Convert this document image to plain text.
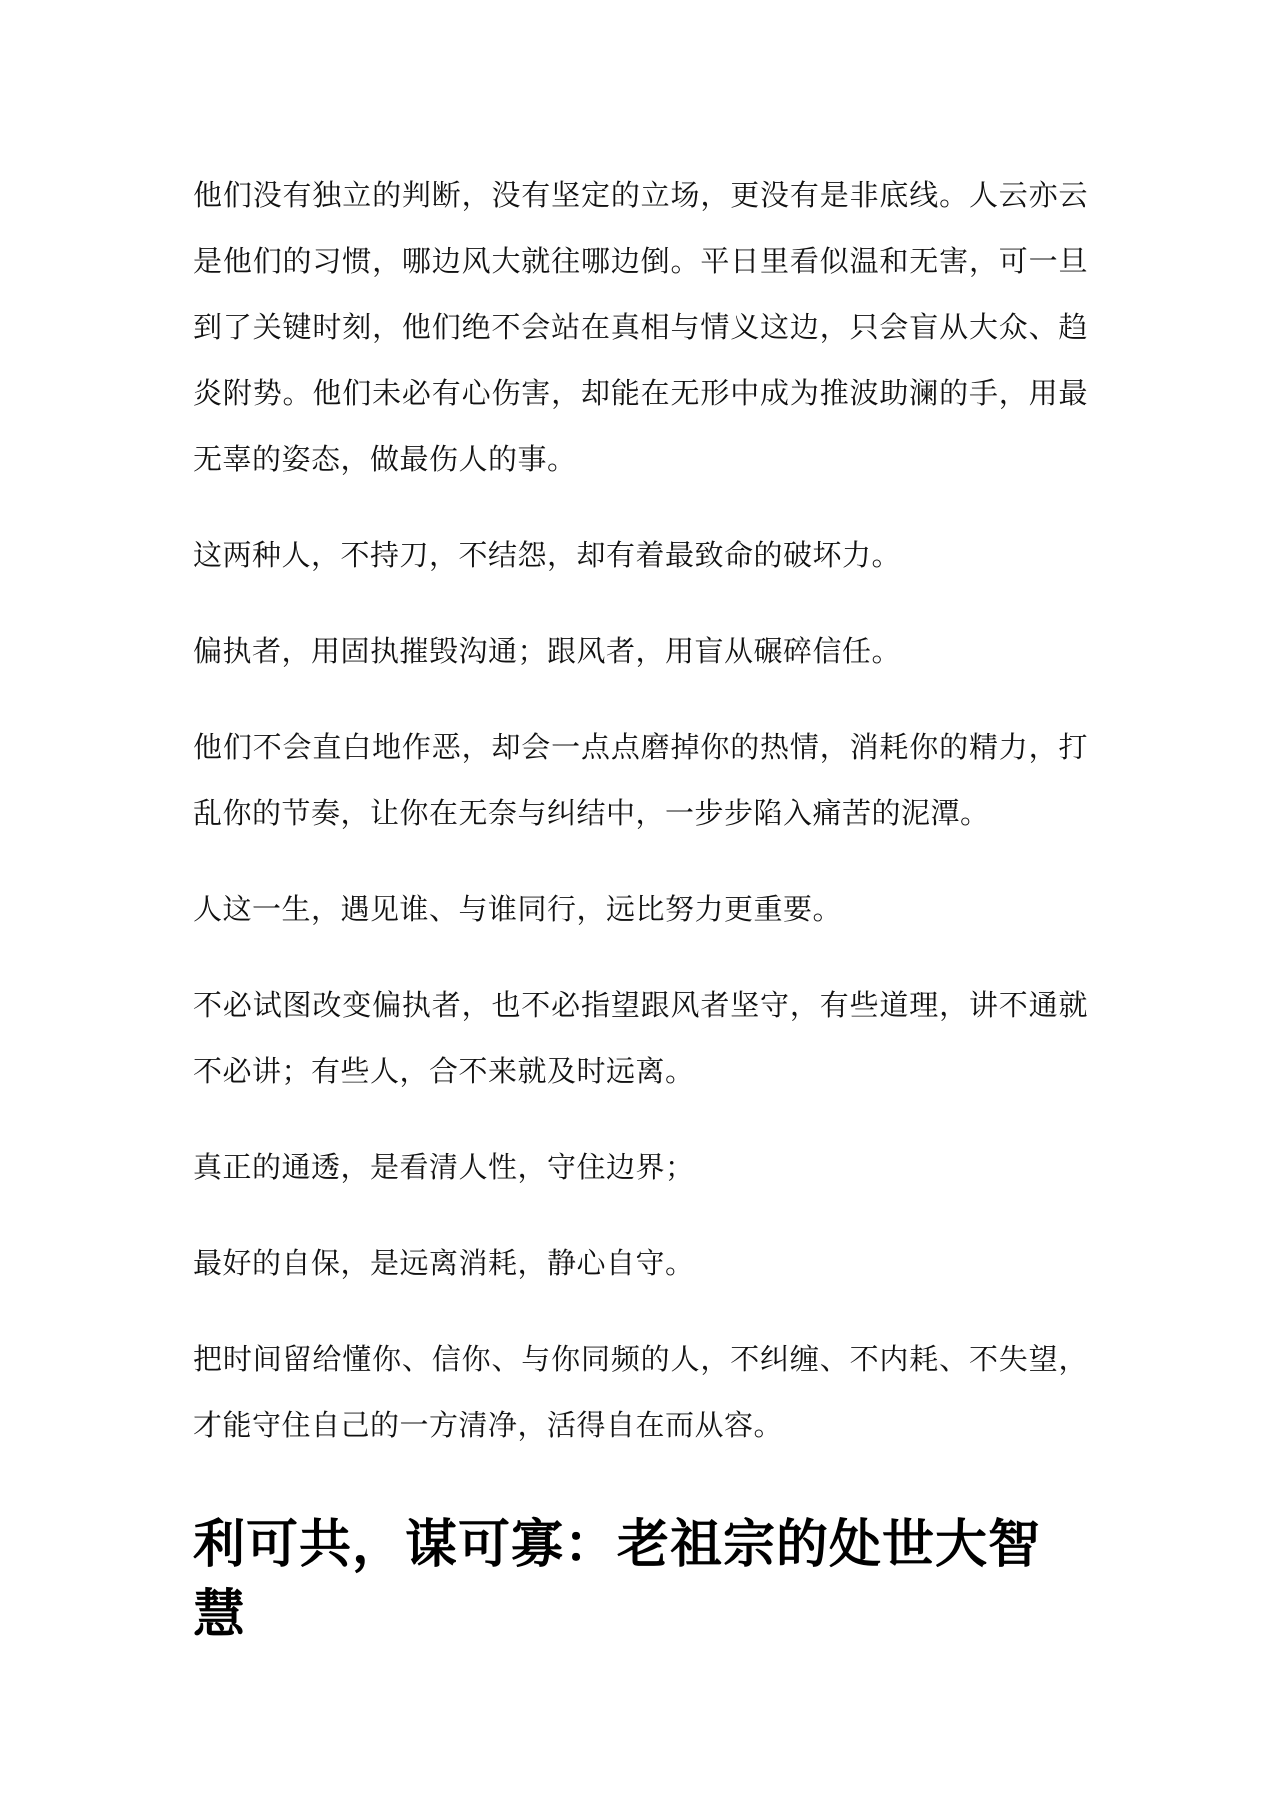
他们没有独立的判断，没有坚定的立场，更没有是非底线。人云亦云是他们的习惯，哪边风大就往哪边倒。平日里看似温和无害，可一旦到了关键时刻，他们绝不会站在真相与情义这边，只会盲从大众、趋炎附势。他们未必有心伤害，却能在无形中成为推波助澜的手，用最无辜的姿态，做最伤人的事。

这两种人，不持刀，不结怨，却有着最致命的破坏力。

偏执者，用固执摧毁沟通；跟风者，用盲从碾碎信任。

他们不会直白地作恶，却会一点点磨掉你的热情，消耗你的精力，打乱你的节奏，让你在无奈与纠结中，一步步陷入痛苦的泥潭。

人这一生，遇见谁、与谁同行，远比努力更重要。

不必试图改变偏执者，也不必指望跟风者坚守，有些道理，讲不通就不必讲；有些人，合不来就及时远离。

真正的通透，是看清人性，守住边界；

最好的自保，是远离消耗，静心自守。

把时间留给懂你、信你、与你同频的人，不纠缠、不内耗、不失望，才能守住自己的一方清净，活得自在而从容。

利可共，谋可寡：老祖宗的处世大智慧
